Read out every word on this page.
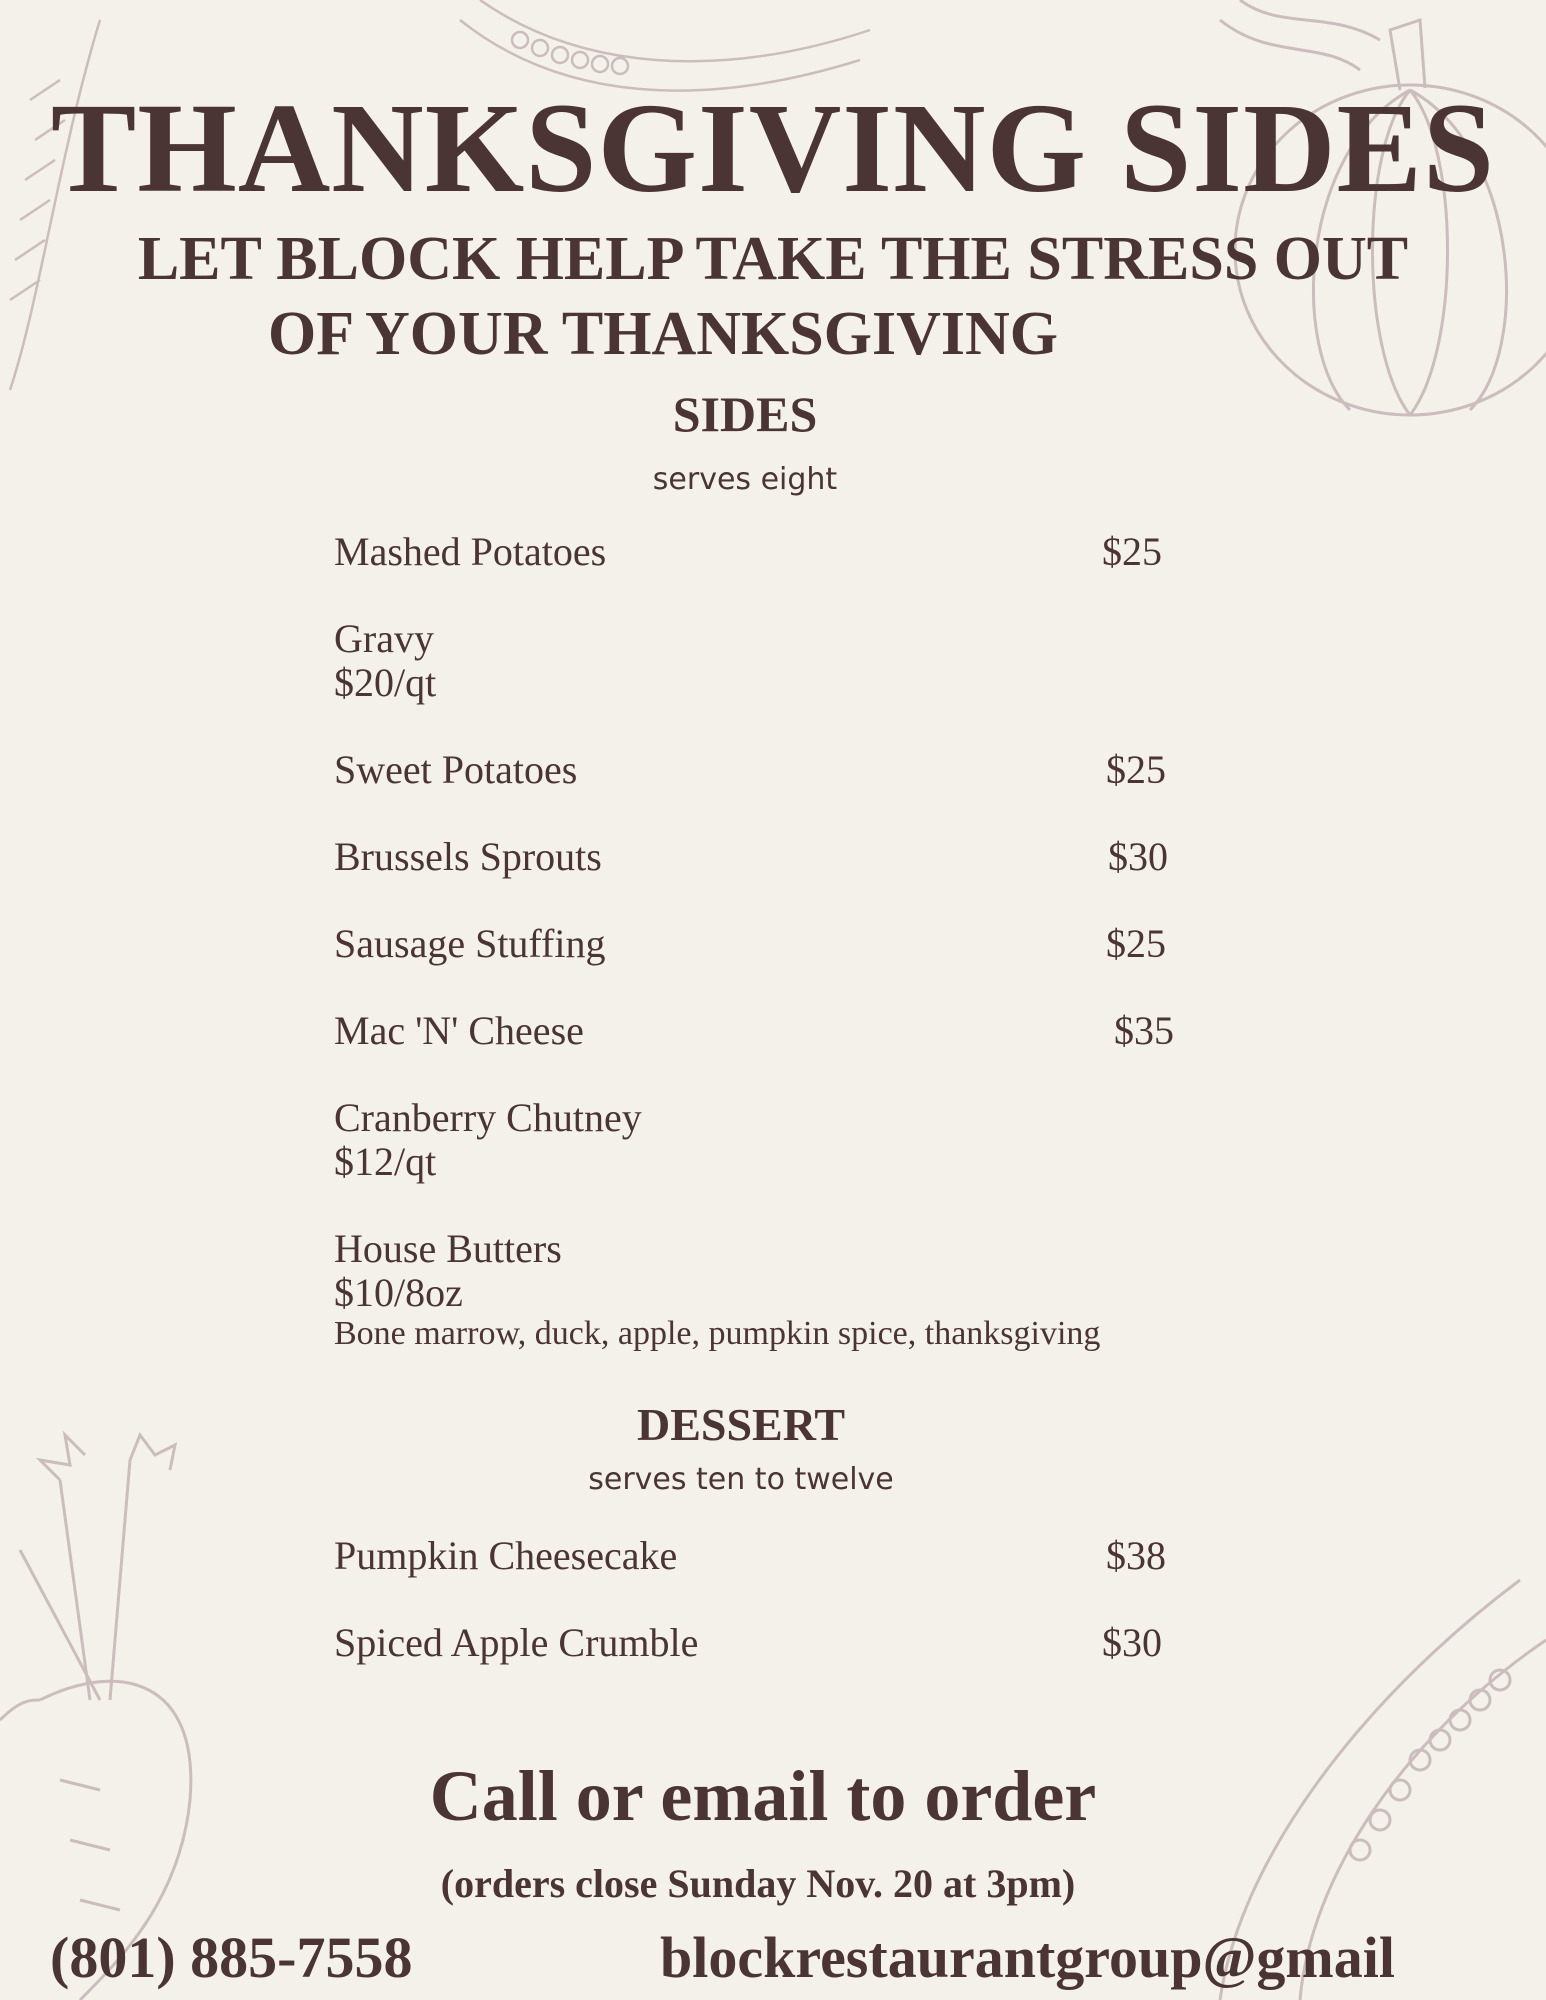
THANKSGIVING SIDES
LET BLOCK HELP TAKE THE STRESS OUT
OF YOUR THANKSGIVING
SIDES
serves eight
Mashed Potatoes	$25
Gravy
$20/qt
Sweet Potatoes	$25
Brussels Sprouts	$30
Sausage Stuffing	$25
Mac 'N' Cheese	$35
Cranberry Chutney
$12/qt
House Butters
$10/8oz
Bone marrow, duck, apple, pumpkin spice, thanksgiving
DESSERT
serves ten to twelve
Pumpkin Cheesecake	$38
Spiced Apple Crumble	$30
Call or email to order
(orders close Sunday Nov. 20 at 3pm)
(801) 885-7558	blockrestaurantgroup@gmail
